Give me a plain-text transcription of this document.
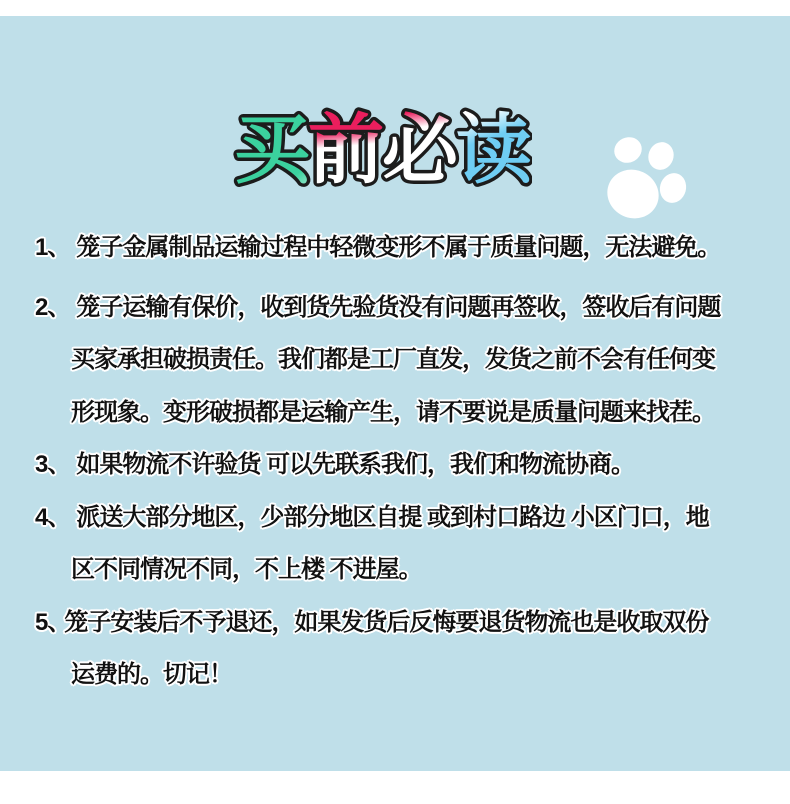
买 前 必 读
1、 笼子金属制品运输过程中轻微变形不属于质量问题，无法避免。
2、 笼子运输有保价，收到货先验货没有问题再签收，签收后有问题
买家承担破损责任。我们都是工厂直发，发货之前不会有任何变
形现象。变形破损都是运输产生，请不要说是质量问题来找茬。
3、 如果物流不许验货 可以先联系我们，我们和物流协商。
4、 派送大部分地区，少部分地区自提 或到村口路边 小区门口，地
区不同情况不同，不上楼 不进屋。
5、笼子安装后不予退还，如果发货后反悔要退货物流也是收取双份
运费的。切记！
